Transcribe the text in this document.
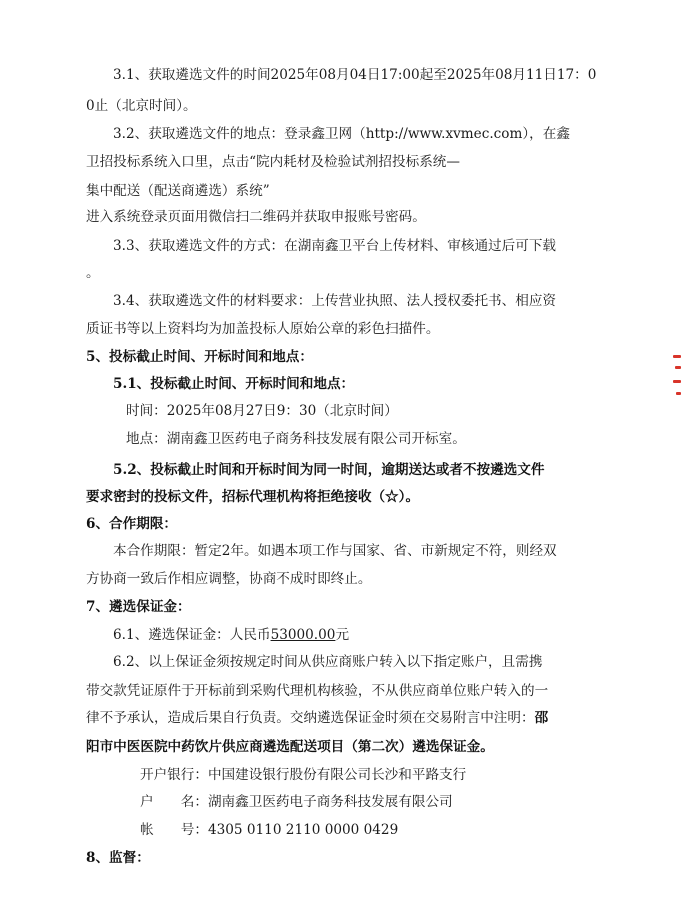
3.1、获取遴选文件的时间2025年08月04日17:00起至2025年08月11日17：0
0止（北京时间）。
3.2、获取遴选文件的地点：登录鑫卫网（http://www.xvmec.com），在鑫
卫招投标系统入口里，点击“院内耗材及检验试剂招投标系统—
集中配送（配送商遴选）系统”
进入系统登录页面用微信扫二维码并获取申报账号密码。
3.3、获取遴选文件的方式：在湖南鑫卫平台上传材料、审核通过后可下载
。
3.4、获取遴选文件的材料要求：上传营业执照、法人授权委托书、相应资
质证书等以上资料均为加盖投标人原始公章的彩色扫描件。
5、投标截止时间、开标时间和地点：
5.1、投标截止时间、开标时间和地点：
时间：2025年08月27日9：30（北京时间）
地点：湖南鑫卫医药电子商务科技发展有限公司开标室。
5.2、投标截止时间和开标时间为同一时间，逾期送达或者不按遴选文件
要求密封的投标文件，招标代理机构将拒绝接收（☆）。
6、合作期限：
本合作期限：暂定2年。如遇本项工作与国家、省、市新规定不符，则经双
方协商一致后作相应调整，协商不成时即终止。
7、遴选保证金：
6.1、遴选保证金：人民币53000.00元
6.2、以上保证金须按规定时间从供应商账户转入以下指定账户，且需携
带交款凭证原件于开标前到采购代理机构核验，不从供应商单位账户转入的一
律不予承认，造成后果自行负责。交纳遴选保证金时须在交易附言中注明：邵
阳市中医医院中药饮片供应商遴选配送项目（第二次）遴选保证金。
开户银行：中国建设银行股份有限公司长沙和平路支行
户　　名：湖南鑫卫医药电子商务科技发展有限公司
帐　　号：4305 0110 2110 0000 0429
8、监督：
